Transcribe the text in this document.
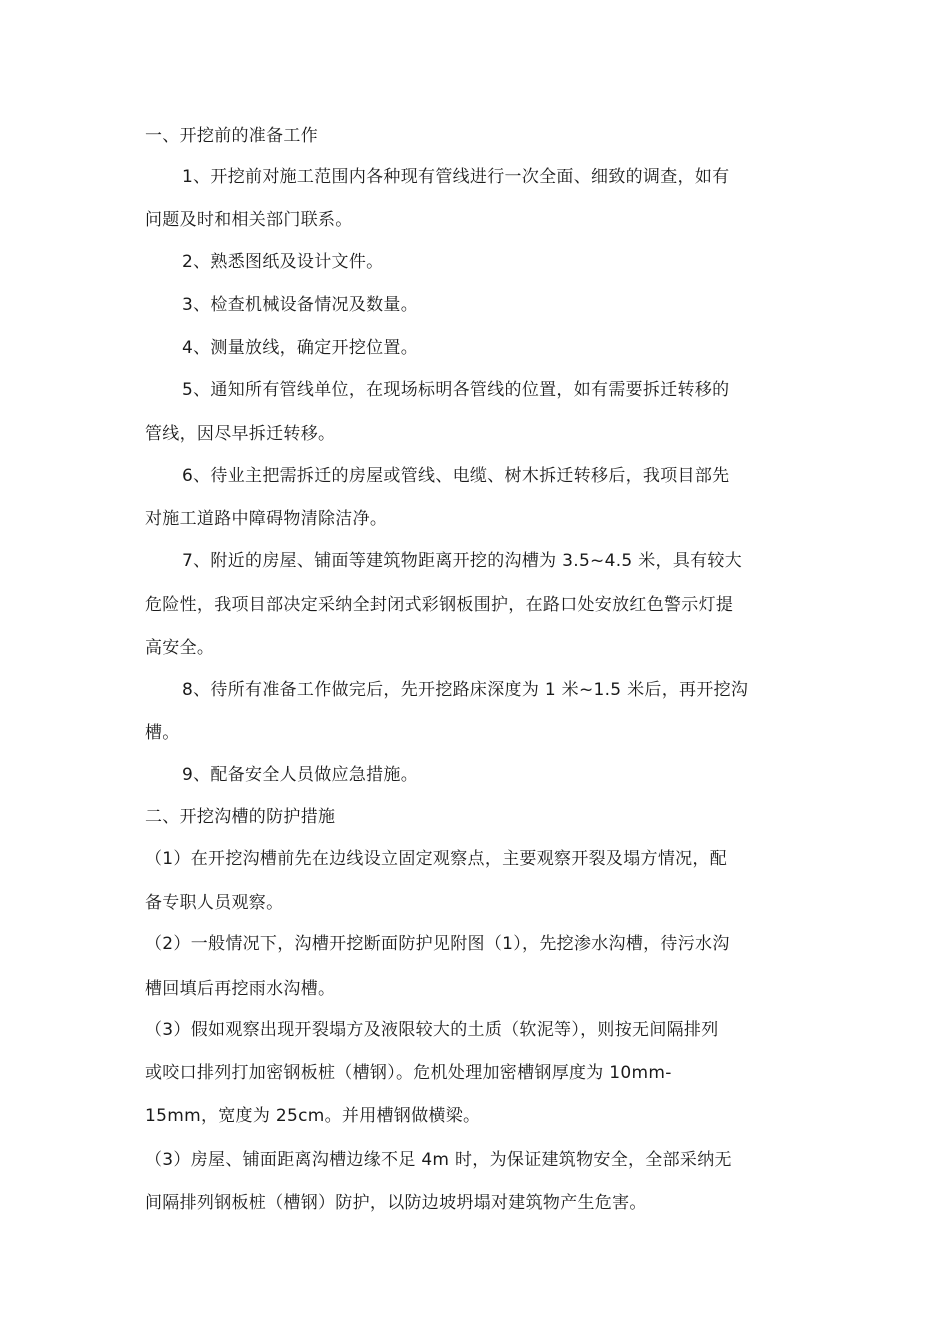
一、开挖前的准备工作
1、开挖前对施工范围内各种现有管线进行一次全面、细致的调查，如有
问题及时和相关部门联系。
2、熟悉图纸及设计文件。
3、检查机械设备情况及数量。
4、测量放线，确定开挖位置。
5、通知所有管线单位，在现场标明各管线的位置，如有需要拆迁转移的
管线，因尽早拆迁转移。
6、待业主把需拆迁的房屋或管线、电缆、树木拆迁转移后，我项目部先
对施工道路中障碍物清除洁净。
7、附近的房屋、铺面等建筑物距离开挖的沟槽为 3.5~4.5 米，具有较大
危险性，我项目部决定采纳全封闭式彩钢板围护，在路口处安放红色警示灯提
高安全。
8、待所有准备工作做完后，先开挖路床深度为 1 米~1.5 米后，再开挖沟
槽。
9、配备安全人员做应急措施。
二、开挖沟槽的防护措施
（1）在开挖沟槽前先在边线设立固定观察点，主要观察开裂及塌方情况，配
备专职人员观察。
（2）一般情况下，沟槽开挖断面防护见附图（1），先挖渗水沟槽，待污水沟
槽回填后再挖雨水沟槽。
（3）假如观察出现开裂塌方及液限较大的土质（软泥等），则按无间隔排列
或咬口排列打加密钢板桩（槽钢）。危机处理加密槽钢厚度为 10mm-
15mm，宽度为 25cm。并用槽钢做横梁。
（3）房屋、铺面距离沟槽边缘不足 4m 时，为保证建筑物安全，全部采纳无
间隔排列钢板桩（槽钢）防护，以防边坡坍塌对建筑物产生危害。
